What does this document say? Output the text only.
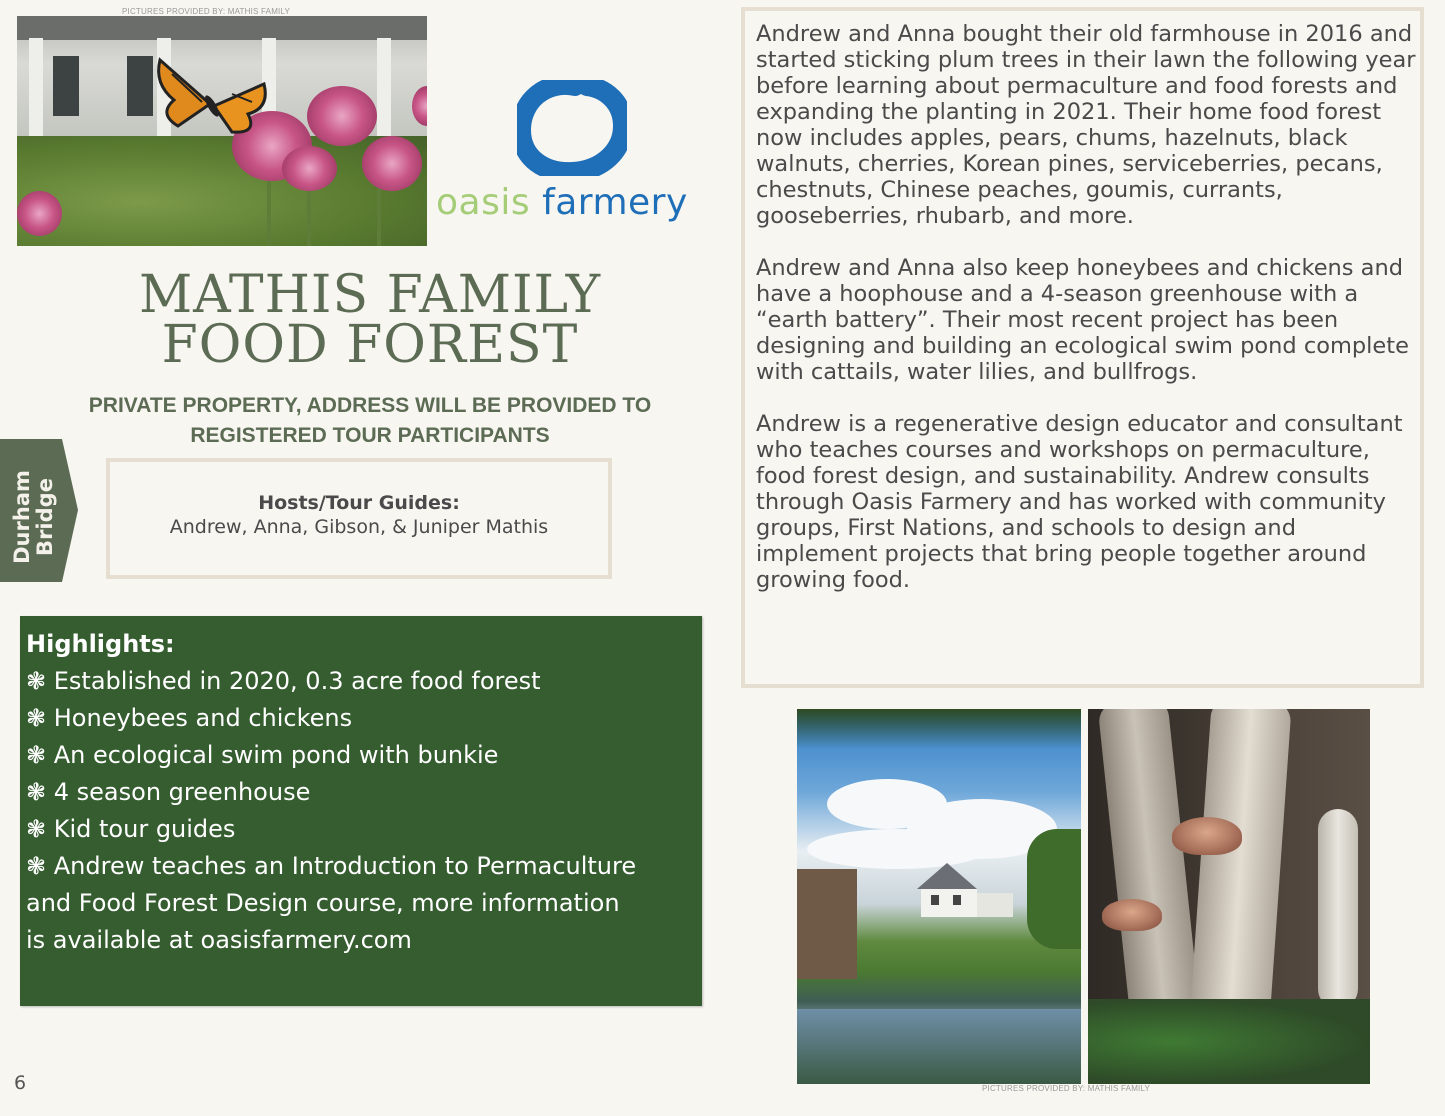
PICTURES PROVIDED BY: MATHIS FAMILY
oasis farmery
MATHIS FAMILY
FOOD FOREST
PRIVATE PROPERTY, ADDRESS WILL BE PROVIDED TO
REGISTERED TOUR PARTICIPANTS
Durham Bridge	Hosts/Tour Guides:
Andrew, Anna, Gibson, & Juniper Mathis
Highlights:
❃ Established in 2020, 0.3 acre food forest
❃ Honeybees and chickens
❃ An ecological swim pond with bunkie
❃ 4 season greenhouse
❃ Kid tour guides
❃ Andrew teaches an Introduction to Permaculture and Food Forest Design course, more information is available at oasisfarmery.com

Andrew and Anna bought their old farmhouse in 2016 and started sticking plum trees in their lawn the following year before learning about permaculture and food forests and expanding the planting in 2021. Their home food forest now includes apples, pears, chums, hazelnuts, black walnuts, cherries, Korean pines, serviceberries, pecans, chestnuts, Chinese peaches, goumis, currants, gooseberries, rhubarb, and more.

Andrew and Anna also keep honeybees and chickens and have a hoophouse and a 4-season greenhouse with a “earth battery”. Their most recent project has been designing and building an ecological swim pond complete with cattails, water lilies, and bullfrogs.

Andrew is a regenerative design educator and consultant who teaches courses and workshops on permaculture, food forest design, and sustainability. Andrew consults through Oasis Farmery and has worked with community groups, First Nations, and schools to design and implement projects that bring people together around growing food.

PICTURES PROVIDED BY: MATHIS FAMILY
6
